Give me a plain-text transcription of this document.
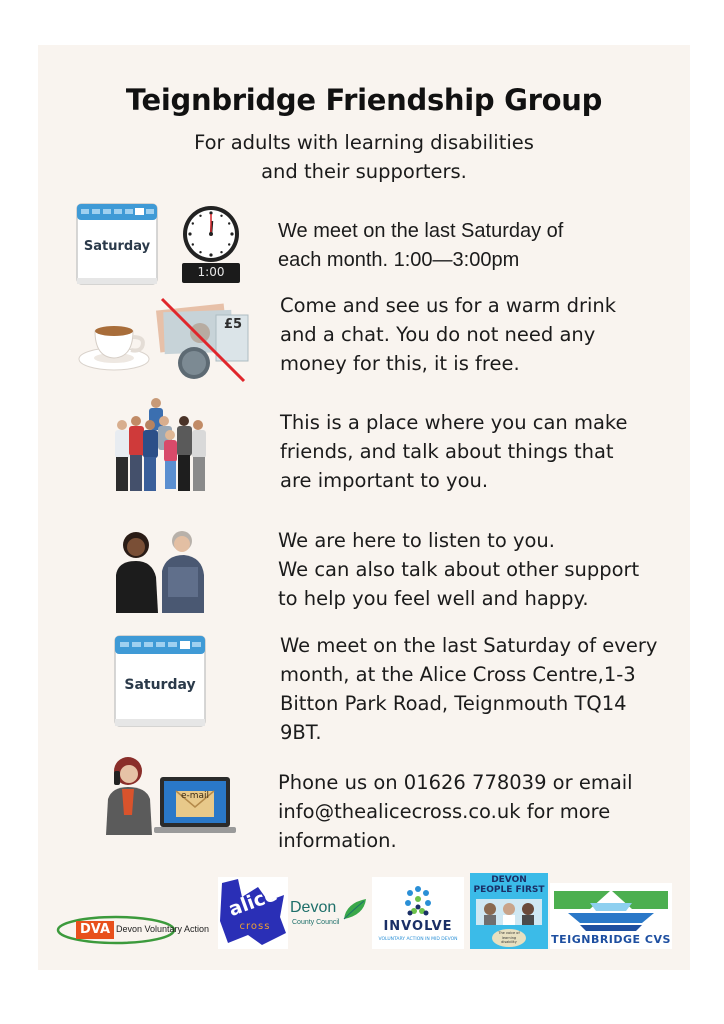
Teignbridge Friendship Group
For adults with learning disabilities
and their supporters.
Saturday
1:00
We meet on the last Saturday of
each month. 1:00—3:00pm
£5
Come and see us for a warm drink
and a chat. You do not need any
money for this, it is free.
This is a place where you can make
friends, and talk about things that
are important to you.
We are here to listen to you.
We can also talk about other support
to help you feel well and happy.
Saturday
We meet on the last Saturday of every
month, at the Alice Cross Centre,1-3
Bitton Park Road, Teignmouth TQ14
9BT.
e-mail
Phone us on 01626 778039 or email
info@thealicecross.co.uk for more
information.
DVA Devon Voluntary Action
alice
cross
Devon
County Council	INVOLVE
VOLUNTARY ACTION IN MID DEVON
DEVON
PEOPLE FIRST
The voice of learning disability	TEIGNBRIDGE CVS
